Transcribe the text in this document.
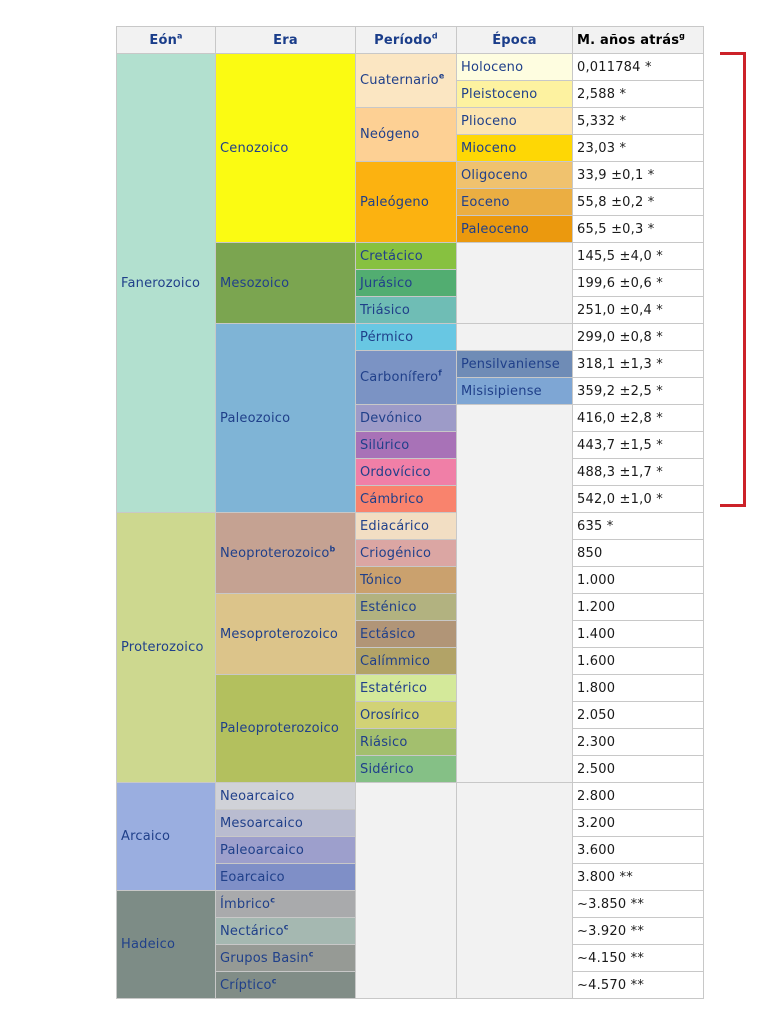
Eón$^a$	Era	Período$^d$	Época	M. años atrás$^g$
Fanerozoico	Cenozoico	Cuaternario$^e$	Holoceno	0,011784 *
			Pleistoceno	2,588 *
		Neógeno	Plioceno	5,332 *
			Mioceno	23,03 *
		Paleógeno	Oligoceno	33,9 ±0,1 *
			Eoceno	55,8 ±0,2 *
			Paleoceno	65,5 ±0,3 *
	Mesozoico	Cretácico		145,5 ±4,0 *
		Jurásico		199,6 ±0,6 *
		Triásico		251,0 ±0,4 *
	Paleozoico	Pérmico		299,0 ±0,8 *
		Carbonífero$^f$	Pensilvaniense	318,1 ±1,3 *
			Misisipiense	359,2 ±2,5 *
		Devónico		416,0 ±2,8 *
		Silúrico		443,7 ±1,5 *
		Ordovícico		488,3 ±1,7 *
		Cámbrico		542,0 ±1,0 *
Proterozoico	Neoproterozoico$^b$	Ediacárico		635 *
		Criogénico		850
		Tónico		1.000
	Mesoproterozoico	Esténico		1.200
		Ectásico		1.400
		Calímmico		1.600
	Paleoproterozoico	Estatérico		1.800
		Orosírico		2.050
		Riásico		2.300
		Sidérico		2.500
Arcaico	Neoarcaico			2.800
	Mesoarcaico			3.200
	Paleoarcaico			3.600
	Eoarcaico			3.800 **
Hadeico	Ímbrico$^c$			~3.850 **
	Nectárico$^c$			~3.920 **
	Grupos Basin$^c$			~4.150 **
	Críptico$^c$			~4.570 **
